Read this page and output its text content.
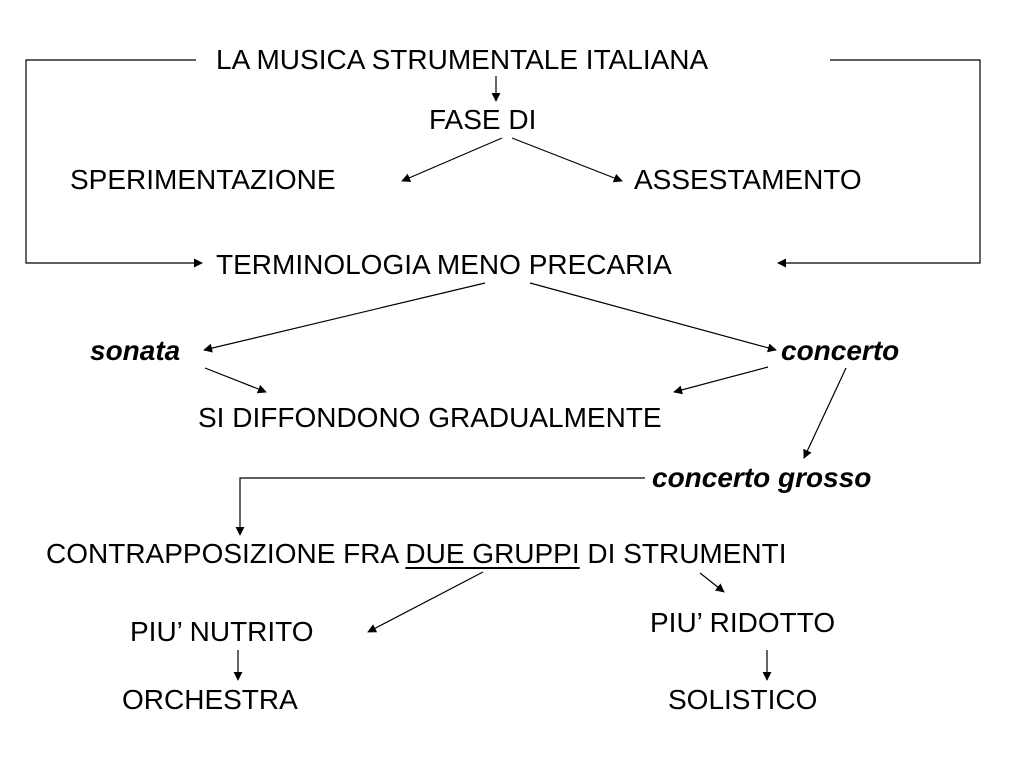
LA MUSICA STRUMENTALE ITALIANA
FASE DI
SPERIMENTAZIONE	ASSESTAMENTO
TERMINOLOGIA MENO PRECARIA
sonata	concerto
SI DIFFONDONO GRADUALMENTE
concerto grosso
CONTRAPPOSIZIONE FRA DUE GRUPPI DI STRUMENTI
PIU’ NUTRITO	PIU’ RIDOTTO
ORCHESTRA	SOLISTICO
